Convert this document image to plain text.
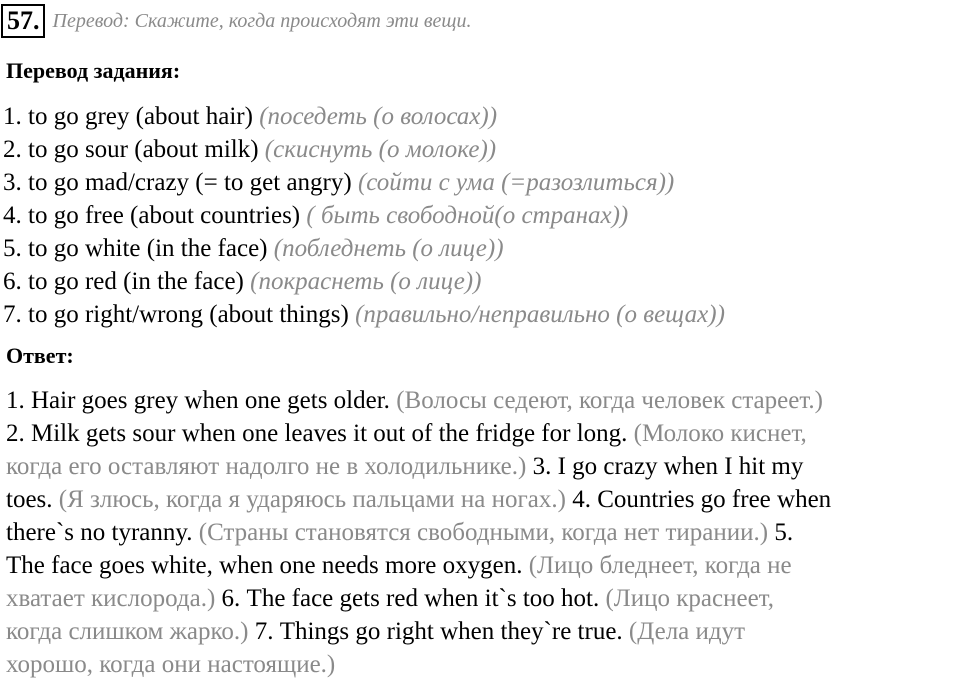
57. Перевод: Скажите, когда происходят эти вещи.
Перевод задания:
1. to go grey (about hair) (поседеть (о волосах))
2. to go sour (about milk) (скиснуть (о молоке))
3. to go mad/crazy (= to get angry) (сойти с ума (=разозлиться))
4. to go free (about countries) ( быть свободной(о странах))
5. to go white (in the face) (побледнеть (о лице))
6. to go red (in the face) (покраснеть (о лице))
7. to go right/wrong (about things) (правильно/неправильно (о вещах))
Ответ:
1. Hair goes grey when one gets older. (Волосы седеют, когда человек стареет.)
2. Milk gets sour when one leaves it out of the fridge for long. (Молоко киснет,
когда его оставляют надолго не в холодильнике.) 3. I go crazy when I hit my
toes. (Я злюсь, когда я ударяюсь пальцами на ногах.) 4. Countries go free when
there`s no tyranny. (Страны становятся свободными, когда нет тирании.) 5.
The face goes white, when one needs more oxygen. (Лицо бледнеет, когда не
хватает кислорода.) 6. The face gets red when it`s too hot. (Лицо краснеет,
когда слишком жарко.) 7. Things go right when they`re true. (Дела идут
хорошо, когда они настоящие.)
